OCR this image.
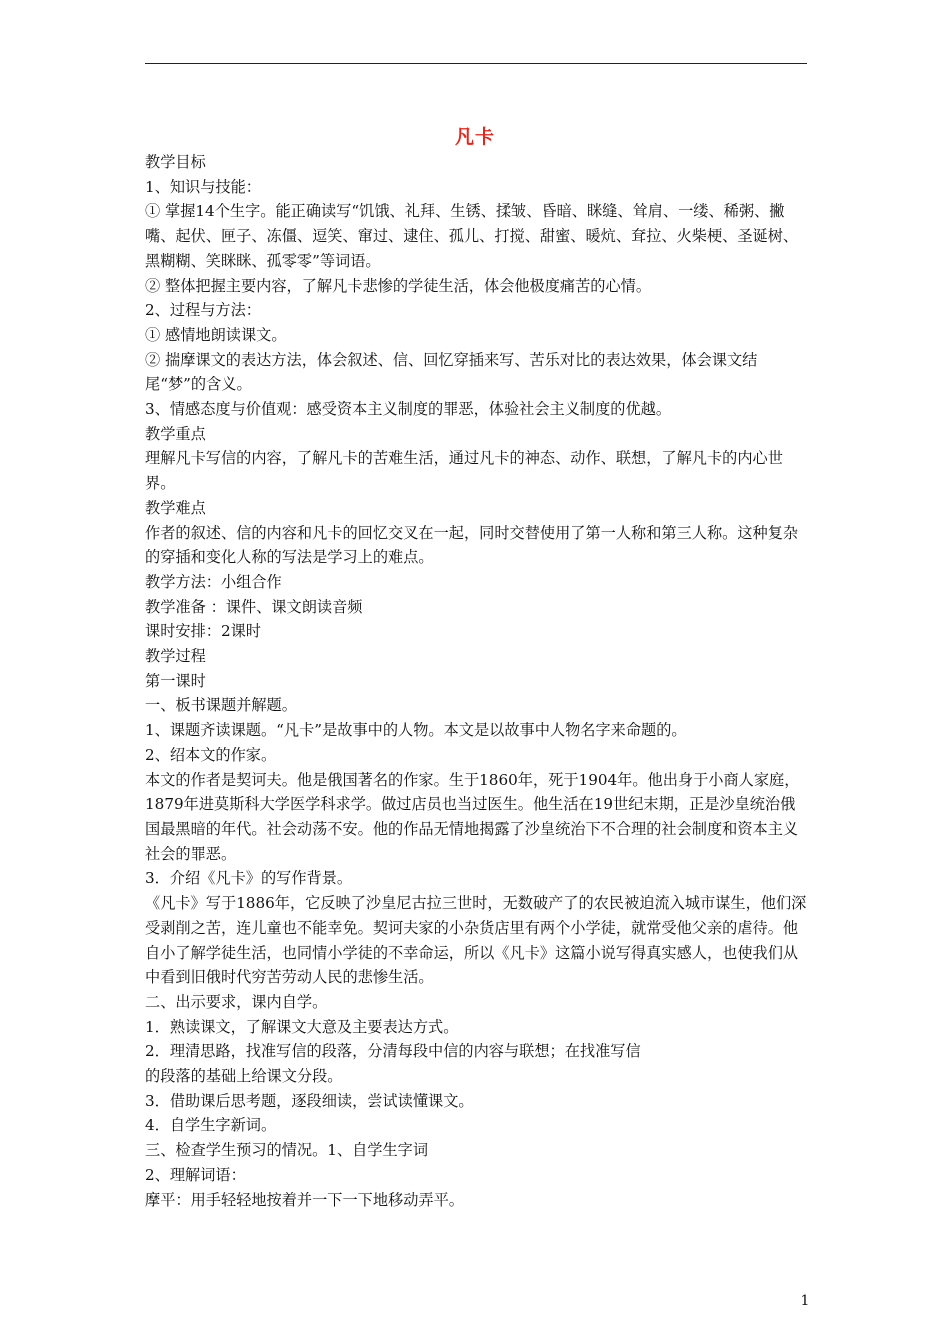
凡卡

教学目标

1、知识与技能：

① 掌握14个生字。能正确读写“饥饿、礼拜、生锈、揉皱、昏暗、眯缝、耸肩、一缕、稀粥、撇嘴、起伏、匣子、冻僵、逗笑、窜过、逮住、孤儿、打搅、甜蜜、暖炕、耷拉、火柴梗、圣诞树、黑糊糊、笑眯眯、孤零零”等词语。

② 整体把握主要内容，了解凡卡悲惨的学徒生活，体会他极度痛苦的心情。

2、过程与方法：

① 感情地朗读课文。

② 揣摩课文的表达方法，体会叙述、信、回忆穿插来写、苦乐对比的表达效果，体会课文结尾“梦”的含义。

3、情感态度与价值观：感受资本主义制度的罪恶，体验社会主义制度的优越。

教学重点

理解凡卡写信的内容，了解凡卡的苦难生活，通过凡卡的神态、动作、联想，了解凡卡的内心世界。

教学难点

作者的叙述、信的内容和凡卡的回忆交叉在一起，同时交替使用了第一人称和第三人称。这种复杂的穿插和变化人称的写法是学习上的难点。

教学方法：小组合作

教学准备 ：课件、课文朗读音频

课时安排：2课时

教学过程

第一课时

一、板书课题并解题。

1、课题齐读课题。“凡卡”是故事中的人物。本文是以故事中人物名字来命题的。

2、绍本文的作家。

本文的作者是契诃夫。他是俄国著名的作家。生于1860年，死于1904年。他出身于小商人家庭，1879年进莫斯科大学医学科求学。做过店员也当过医生。他生活在19世纪末期，正是沙皇统治俄国最黑暗的年代。社会动荡不安。他的作品无情地揭露了沙皇统治下不合理的社会制度和资本主义社会的罪恶。

3．介绍《凡卡》的写作背景。

《凡卡》写于1886年，它反映了沙皇尼古拉三世时，无数破产了的农民被迫流入城市谋生，他们深受剥削之苦，连儿童也不能幸免。契诃夫家的小杂货店里有两个小学徒，就常受他父亲的虐待。他自小了解学徒生活，也同情小学徒的不幸命运，所以《凡卡》这篇小说写得真实感人，也使我们从中看到旧俄时代穷苦劳动人民的悲惨生活。

二、出示要求，课内自学。

1．熟读课文，了解课文大意及主要表达方式。

2．理清思路，找准写信的段落，分清每段中信的内容与联想；在找准写信

的段落的基础上给课文分段。

3．借助课后思考题，逐段细读，尝试读懂课文。

4．自学生字新词。

三、检查学生预习的情况。1、自学生字词

2、理解词语：

摩平：用手轻轻地按着并一下一下地移动弄平。

1
